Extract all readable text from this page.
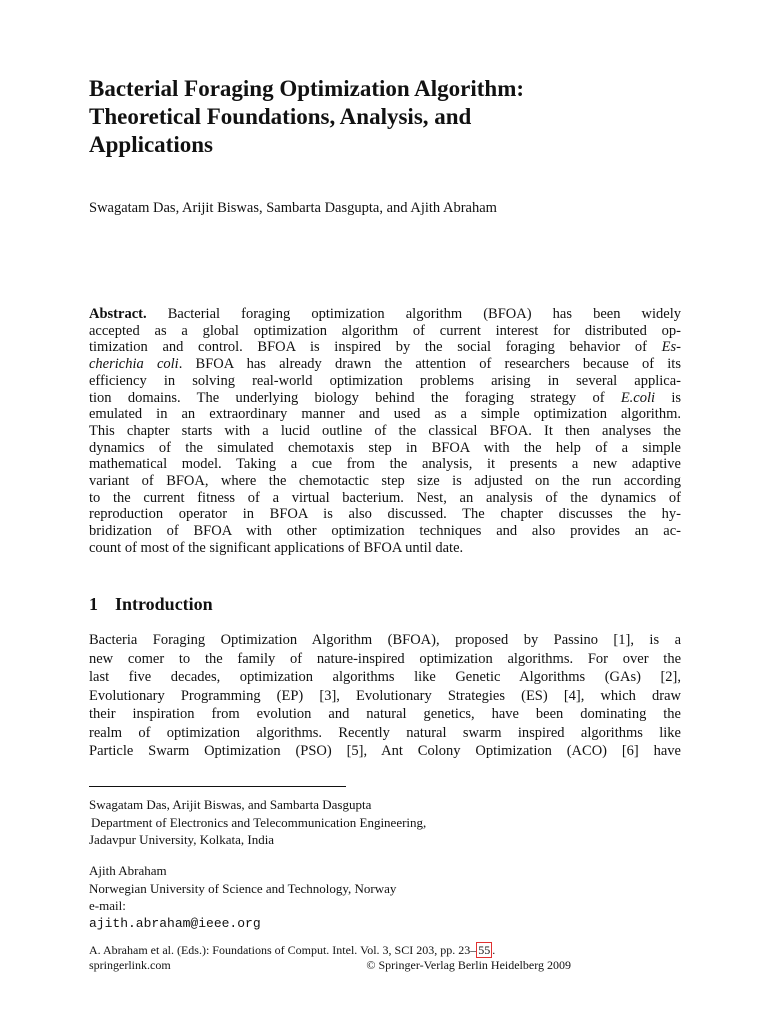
Bacterial Foraging Optimization Algorithm:
Theoretical Foundations, Analysis, and
Applications

Swagatam Das, Arijit Biswas, Sambarta Dasgupta, and Ajith Abraham

Abstract. Bacterial foraging optimization algorithm (BFOA) has been widely
accepted as a global optimization algorithm of current interest for distributed op-
timization and control. BFOA is inspired by the social foraging behavior of Es-
cherichia coli. BFOA has already drawn the attention of researchers because of its
efficiency in solving real-world optimization problems arising in several applica-
tion domains. The underlying biology behind the foraging strategy of E.coli is
emulated in an extraordinary manner and used as a simple optimization algorithm.
This chapter starts with a lucid outline of the classical BFOA. It then analyses the
dynamics of the simulated chemotaxis step in BFOA with the help of a simple
mathematical model. Taking a cue from the analysis, it presents a new adaptive
variant of BFOA, where the chemotactic step size is adjusted on the run according
to the current fitness of a virtual bacterium. Nest, an analysis of the dynamics of
reproduction operator in BFOA is also discussed. The chapter discusses the hy-
bridization of BFOA with other optimization techniques and also provides an ac-
count of most of the significant applications of BFOA until date.
1 Introduction
Bacteria Foraging Optimization Algorithm (BFOA), proposed by Passino [1], is a
new comer to the family of nature-inspired optimization algorithms. For over the
last five decades, optimization algorithms like Genetic Algorithms (GAs) [2],
Evolutionary Programming (EP) [3], Evolutionary Strategies (ES) [4], which draw
their inspiration from evolution and natural genetics, have been dominating the
realm of optimization algorithms. Recently natural swarm inspired algorithms like
Particle Swarm Optimization (PSO) [5], Ant Colony Optimization (ACO) [6] have
Swagatam Das, Arijit Biswas, and Sambarta Dasgupta
Department of Electronics and Telecommunication Engineering,
Jadavpur University, Kolkata, India
Ajith Abraham
Norwegian University of Science and Technology, Norway
e-mail:
ajith.abraham@ieee.org
A. Abraham et al. (Eds.): Foundations of Comput. Intel. Vol. 3, SCI 203, pp. 23– 55 .
springerlink.com	© Springer-Verlag Berlin Heidelberg 2009
